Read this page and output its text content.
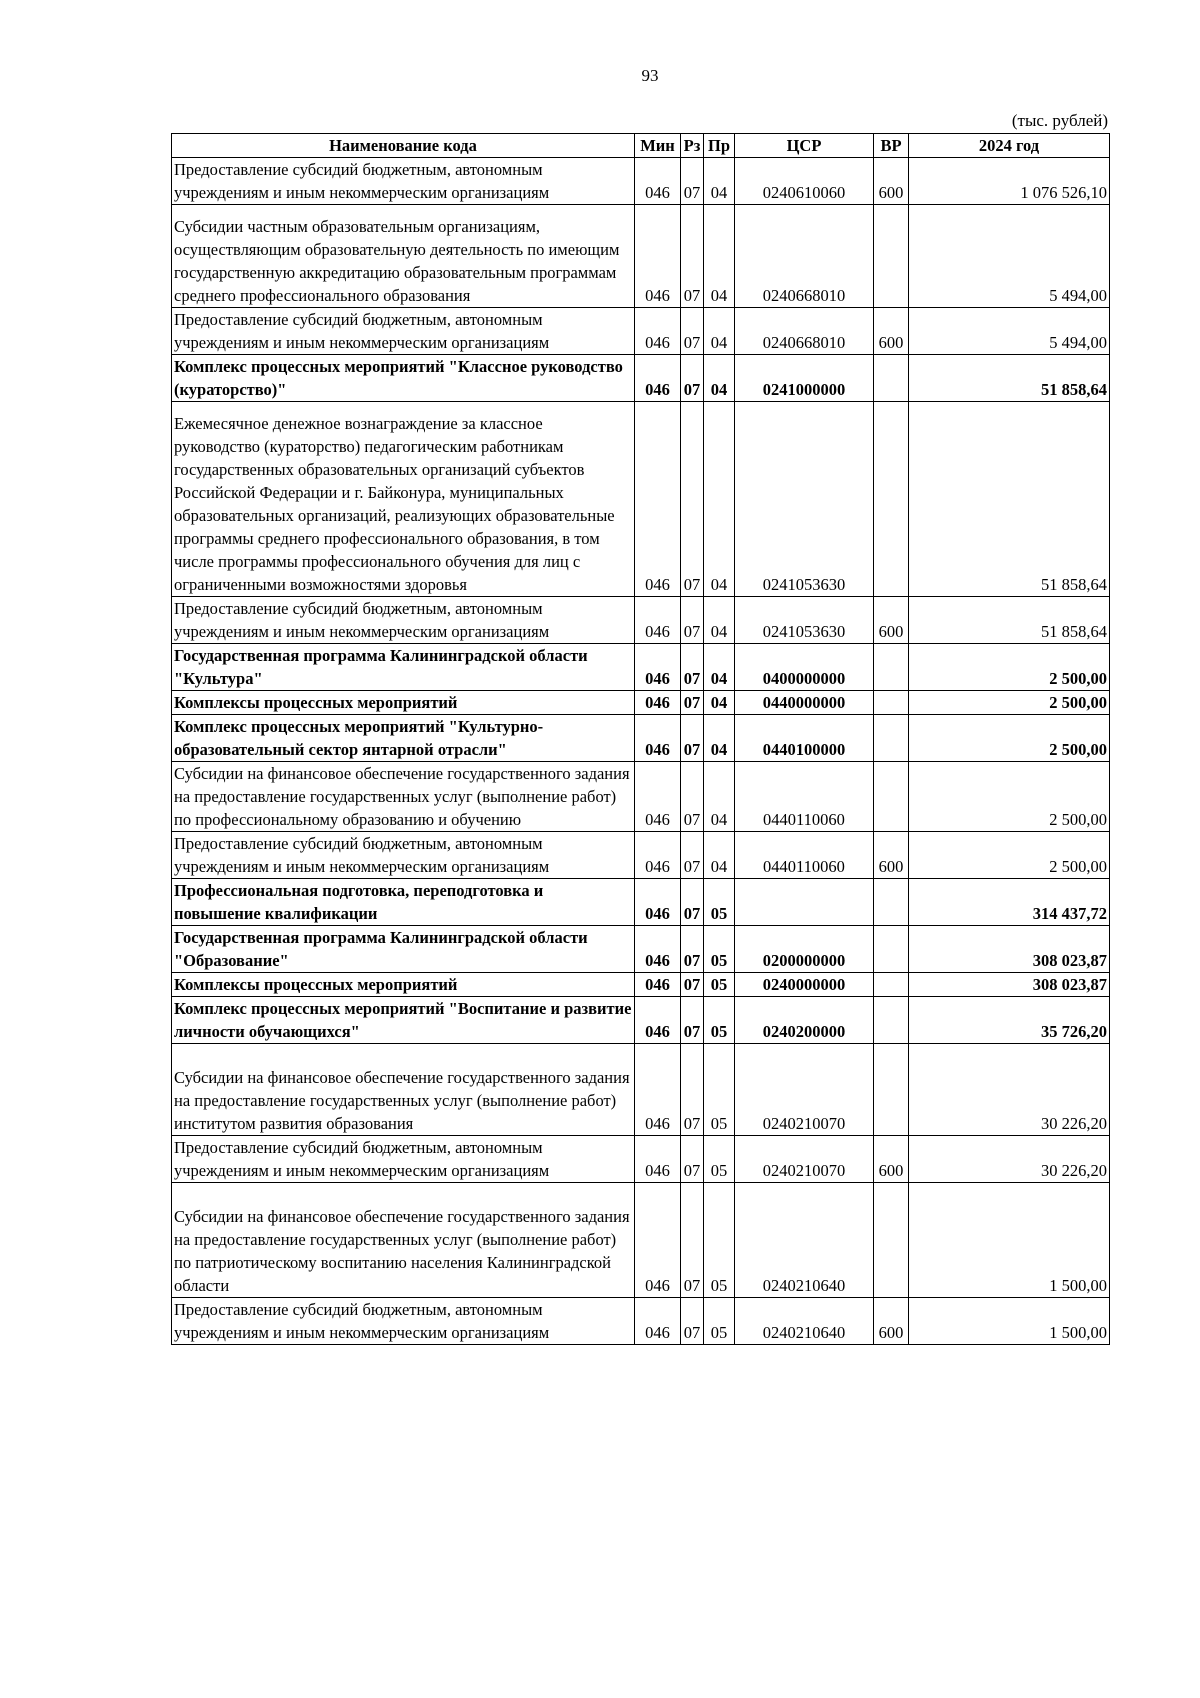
93
(тыс. рублей)
Наименование кода	Мин	Рз	Пр	ЦСР	ВР	2024 год
Предоставление субсидий бюджетным, автономным учреждениям и иным некоммерческим организациям	046	07	04	0240610060	600	1 076 526,10
Субсидии частным образовательным организациям, осуществляющим образовательную деятельность по имеющим государственную аккредитацию образовательным программам среднего профессионального образования	046	07	04	0240668010		5 494,00
Предоставление субсидий бюджетным, автономным учреждениям и иным некоммерческим организациям	046	07	04	0240668010	600	5 494,00
Комплекс процессных мероприятий "Классное руководство (кураторство)"	046	07	04	0241000000		51 858,64
Ежемесячное денежное вознаграждение за классное руководство (кураторство) педагогическим работникам государственных образовательных организаций субъектов Российской Федерации и г. Байконура, муниципальных образовательных организаций, реализующих образовательные программы среднего профессионального образования, в том числе программы профессионального обучения для лиц с ограниченными возможностями здоровья	046	07	04	0241053630		51 858,64
Предоставление субсидий бюджетным, автономным учреждениям и иным некоммерческим организациям	046	07	04	0241053630	600	51 858,64
Государственная программа Калининградской области "Культура"	046	07	04	0400000000		2 500,00
Комплексы процессных мероприятий	046	07	04	0440000000		2 500,00
Комплекс процессных мероприятий "Культурно-образовательный сектор янтарной отрасли"	046	07	04	0440100000		2 500,00
Субсидии на финансовое обеспечение государственного задания на предоставление государственных услуг (выполнение работ) по профессиональному образованию и обучению	046	07	04	0440110060		2 500,00
Предоставление субсидий бюджетным, автономным учреждениям и иным некоммерческим организациям	046	07	04	0440110060	600	2 500,00
Профессиональная подготовка, переподготовка и повышение квалификации	046	07	05			314 437,72
Государственная программа Калининградской области "Образование"	046	07	05	0200000000		308 023,87
Комплексы процессных мероприятий	046	07	05	0240000000		308 023,87
Комплекс процессных мероприятий "Воспитание и развитие личности обучающихся"	046	07	05	0240200000		35 726,20
Субсидии на финансовое обеспечение государственного задания на предоставление государственных услуг (выполнение работ) институтом развития образования	046	07	05	0240210070		30 226,20
Предоставление субсидий бюджетным, автономным учреждениям и иным некоммерческим организациям	046	07	05	0240210070	600	30 226,20
Субсидии на финансовое обеспечение государственного задания на предоставление государственных услуг (выполнение работ) по патриотическому воспитанию населения Калининградской области	046	07	05	0240210640		1 500,00
Предоставление субсидий бюджетным, автономным учреждениям и иным некоммерческим организациям	046	07	05	0240210640	600	1 500,00
